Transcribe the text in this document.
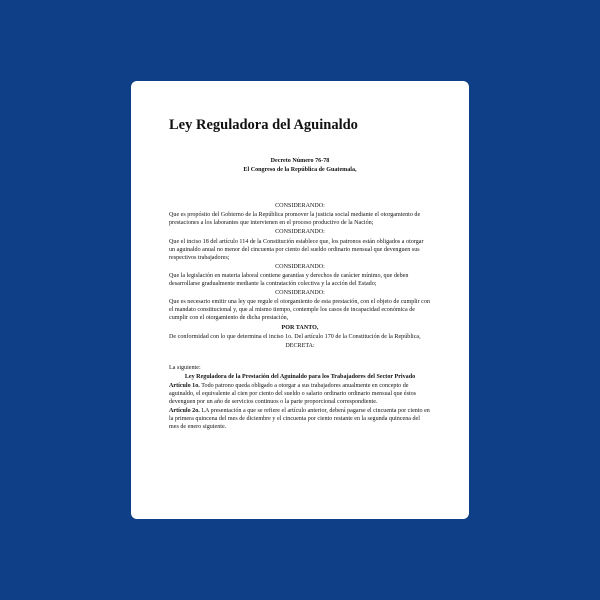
Ley Reguladora del Aguinaldo

Decreto Número 76-78

El Congreso de la República de Guatemala,

CONSIDERANDO:

Que es propósito del Gobierno de la República promover la justicia social mediante el otorgamiento de prestaciones a los laborantes que intervienen en el proceso productivo de la Nación;

CONSIDERANDO:

Que el inciso 18 del artículo 114 de la Constitución establece que, los patronos están obligados a otorgar un aguinaldo anual no menor del cincuenta por ciento del sueldo ordinario mensual que devenguen sus respectivos trabajadores;

CONSIDERANDO:

Que la legislación en materia laboral contiene garantías y derechos de carácter mínimo, que deben desarrollarse gradualmente mediante la contratación colectiva y la acción del Estado;

CONSIDERANDO:

Que es necesario emitir una ley que regule el otorgamiento de esta prestación, con el objeto de cumplir con el mandato constitucional y, que al mismo tiempo, contemple los casos de incapacidad económica de cumplir con el otorgamiento de dicha prestación,

POR TANTO,

De conformidad con lo que determina el inciso 1o. Del artículo 170 de la Constitución de la República,

DECRETA:

La siguiente:

Ley Reguladora de la Prestación del Aguinaldo para los Trabajadores del Sector Privado

Artículo 1o. Todo patrono queda obligado a otorgar a sus trabajadores anualmente en concepto de aguinaldo, el equivalente al cien por ciento del sueldo o salario ordinario ordinario mensual que éstos devenguen por un año de servicios continuos o la parte proporcional correspondiente.

Artículo 2o. LA presentación a que se refiere el artículo anterior, deberá pagarse el cincuenta por ciento en la primera quincena del mes de diciembre y el cincuenta por ciento restante en la segunda quincena del mes de enero siguiente.
